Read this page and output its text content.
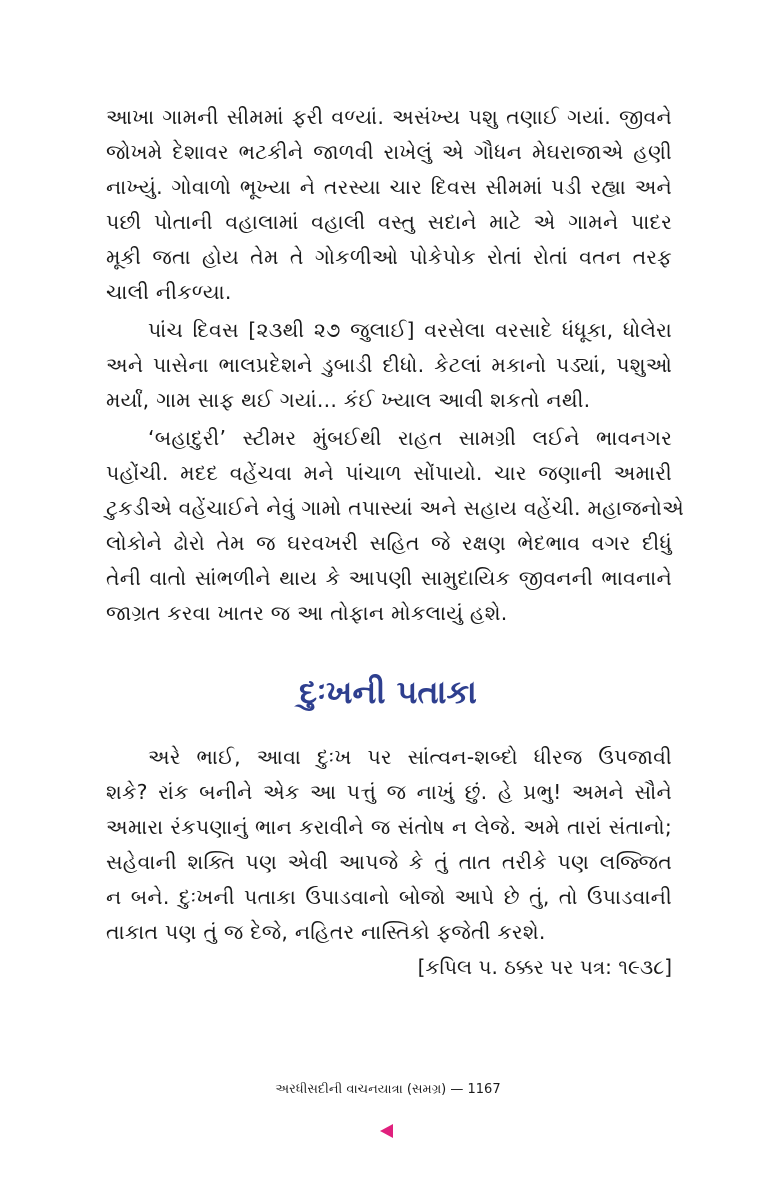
આખા ગામની સીમમાં ફરી વળ્યાં. અસંખ્ય પશુ તણાઈ ગયાં. જીવને
જોખમે દેશાવર ભટકીને જાળવી રાખેલું એ ગૌધન મેઘરાજાએ હણી
નાખ્યું. ગોવાળો ભૂખ્યા ને તરસ્યા ચાર દિવસ સીમમાં પડી રહ્યા અને
પછી પોતાની વહાલામાં વહાલી વસ્તુ સદાને માટે એ ગામને પાદર
મૂકી જતા હોય તેમ તે ગોકળીઓ પોકેપોક રોતાં રોતાં વતન તરફ
ચાલી નીકળ્યા.
પાંચ દિવસ [૨૩થી ૨૭ જુલાઈ] વરસેલા વરસાદે ધંધૂકા, ધોલેરા
અને પાસેના ભાલપ્રદેશને ડુબાડી દીધો. કેટલાં મકાનો પડ્યાં, પશુઓ
મર્યાં, ગામ સાફ થઈ ગયાં... કંઈ ખ્યાલ આવી શકતો નથી.
‘બહાદુરી’ સ્ટીમર મુંબઈથી રાહત સામગ્રી લઈને ભાવનગર
પહોંચી. મદદ વહેંચવા મને પાંચાળ સોંપાયો. ચાર જણાની અમારી
ટુકડીએ વહેંચાઈને નેવું ગામો તપાસ્યાં અને સહાય વહેંચી. મહાજનોએ
લોકોને ઢોરો તેમ જ ઘરવખરી સહિત જે રક્ષણ ભેદભાવ વગર દીધું
તેની વાતો સાંભળીને થાય કે આપણી સામુદાયિક જીવનની ભાવનાને
જાગ્રત કરવા ખાતર જ આ તોફાન મોકલાયું હશે.
દુઃખની પતાકા
અરે ભાઈ, આવા દુઃખ પર સાંત્વન-શબ્દો ધીરજ ઉપજાવી
શકે? રાંક બનીને એક આ પત્તું જ નાખું છું. હે પ્રભુ! અમને સૌને
અમારા રંકપણાનું ભાન કરાવીને જ સંતોષ ન લેજે. અમે તારાં સંતાનો;
સહેવાની શક્તિ પણ એવી આપજે કે તું તાત તરીકે પણ લજ્જિત
ન બને. દુઃખની પતાકા ઉપાડવાનો બોજો આપે છે તું, તો ઉપાડવાની
તાકાત પણ તું જ દેજે, નહિતર નાસ્તિકો ફજેતી કરશે.
[કપિલ પ. ઠક્કર પર પત્ર: ૧૯૩૮]
અરધીસદીની વાચનયાત્રા (સમગ્ર) — 1167
